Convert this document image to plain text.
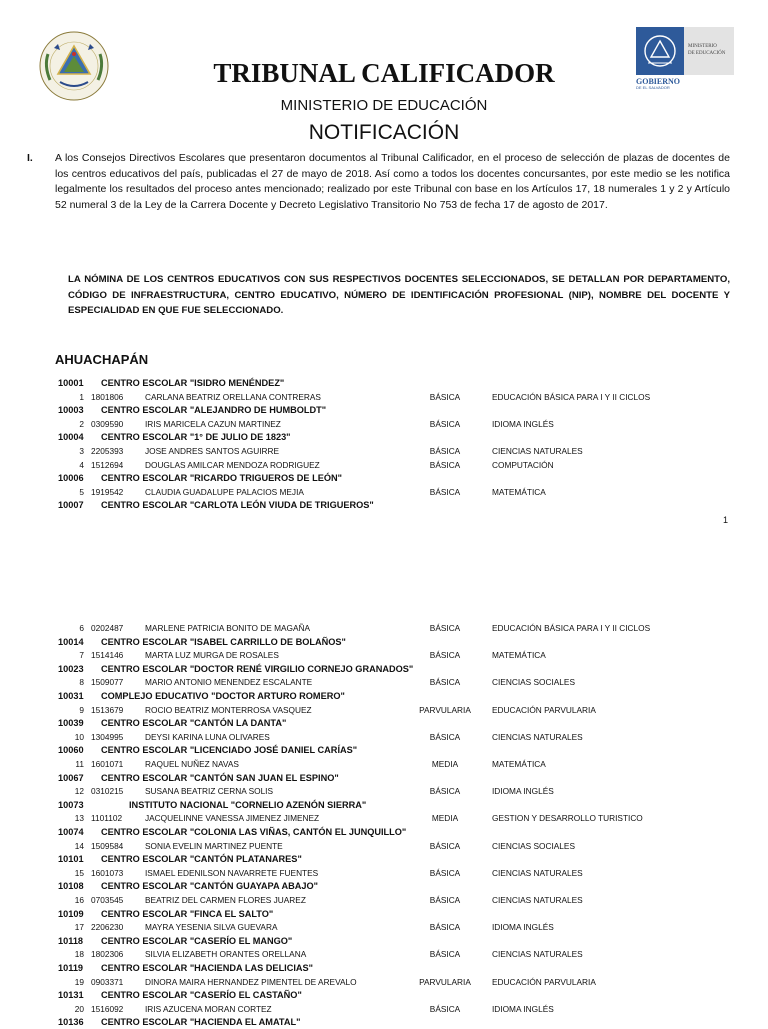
MINISTERIO
DE EDUCACIÓN
GOBIERNO
DE EL SALVADOR
TRIBUNAL CALIFICADOR
MINISTERIO DE EDUCACIÓN
NOTIFICACIÓN
I. A los Consejos Directivos Escolares que presentaron documentos al Tribunal Calificador, en el proceso de selección de plazas de docentes de los centros educativos del país, publicadas el 27 de mayo de 2018. Así como a todos los docentes concursantes, por este medio se les notifica legalmente los resultados del proceso antes mencionado; realizado por este Tribunal con base en los Artículos 17, 18 numerales 1 y 2 y Artículo 52 numeral 3 de la Ley de la Carrera Docente y Decreto Legislativo Transitorio No 753 de fecha 17 de agosto de 2017.
LA NÓMINA DE LOS CENTROS EDUCATIVOS CON SUS RESPECTIVOS DOCENTES SELECCIONADOS, SE DETALLAN POR DEPARTAMENTO, CÓDIGO DE INFRAESTRUCTURA, CENTRO EDUCATIVO, NÚMERO DE IDENTIFICACIÓN PROFESIONAL (NIP), NOMBRE DEL DOCENTE Y ESPECIALIDAD EN QUE FUE SELECCIONADO.
AHUACHAPÁN
10001 CENTRO ESCOLAR "ISIDRO MENÉNDEZ"
1 1801806	CARLANA BEATRIZ ORELLANA CONTRERAS	BÁSICA	EDUCACIÓN BÁSICA PARA I Y II CICLOS
10003 CENTRO ESCOLAR "ALEJANDRO DE HUMBOLDT"
2 0309590	IRIS MARICELA CAZUN MARTINEZ	BÁSICA	IDIOMA INGLÉS
10004 CENTRO ESCOLAR "1° DE JULIO DE 1823"
3 2205393	JOSE ANDRES SANTOS AGUIRRE	BÁSICA	CIENCIAS NATURALES
4 1512694	DOUGLAS AMILCAR MENDOZA RODRIGUEZ	BÁSICA	COMPUTACIÓN
10006 CENTRO ESCOLAR "RICARDO TRIGUEROS DE LEÓN"
5 1919542	CLAUDIA GUADALUPE PALACIOS MEJIA	BÁSICA	MATEMÁTICA
10007 CENTRO ESCOLAR "CARLOTA LEÓN VIUDA DE TRIGUEROS"
1
6 0202487	MARLENE PATRICIA BONITO DE MAGAÑA	BÁSICA	EDUCACIÓN BÁSICA PARA I Y II CICLOS
10014 CENTRO ESCOLAR "ISABEL CARRILLO DE BOLAÑOS"
7 1514146	MARTA LUZ MURGA DE ROSALES	BÁSICA	MATEMÁTICA
10023 CENTRO ESCOLAR "DOCTOR RENÉ VIRGILIO CORNEJO GRANADOS"
8 1509077	MARIO ANTONIO MENENDEZ ESCALANTE	BÁSICA	CIENCIAS SOCIALES
10031 COMPLEJO EDUCATIVO "DOCTOR ARTURO ROMERO"
9 1513679	ROCIO BEATRIZ MONTERROSA VASQUEZ	PARVULARIA	EDUCACIÓN PARVULARIA
10039 CENTRO ESCOLAR "CANTÓN LA DANTA"
10 1304995	DEYSI KARINA LUNA OLIVARES	BÁSICA	CIENCIAS NATURALES
10060 CENTRO ESCOLAR "LICENCIADO JOSÉ DANIEL CARÍAS"
11 1601071	RAQUEL NUÑEZ NAVAS	MEDIA	MATEMÁTICA
10067 CENTRO ESCOLAR "CANTÓN SAN JUAN EL ESPINO"
12 0310215	SUSANA BEATRIZ CERNA SOLIS	BÁSICA	IDIOMA INGLÉS
10073	INSTITUTO NACIONAL "CORNELIO AZENÓN SIERRA"
13 1101102	JACQUELINNE VANESSA JIMENEZ JIMENEZ	MEDIA	GESTION Y DESARROLLO TURISTICO
10074 CENTRO ESCOLAR "COLONIA LAS VIÑAS, CANTÓN EL JUNQUILLO"
14 1509584	SONIA EVELIN MARTINEZ PUENTE	BÁSICA	CIENCIAS SOCIALES
10101 CENTRO ESCOLAR "CANTÓN PLATANARES"
15 1601073	ISMAEL EDENILSON NAVARRETE FUENTES	BÁSICA	CIENCIAS NATURALES
10108 CENTRO ESCOLAR "CANTÓN GUAYAPA ABAJO"
16 0703545	BEATRIZ DEL CARMEN FLORES JUAREZ	BÁSICA	CIENCIAS NATURALES
10109 CENTRO ESCOLAR "FINCA EL SALTO"
17 2206230	MAYRA YESENIA SILVA GUEVARA	BÁSICA	IDIOMA INGLÉS
10118 CENTRO ESCOLAR "CASERÍO EL MANGO"
18 1802306	SILVIA ELIZABETH ORANTES ORELLANA	BÁSICA	CIENCIAS NATURALES
10119 CENTRO ESCOLAR "HACIENDA LAS DELICIAS"
19 0903371	DINORA MAIRA HERNANDEZ PIMENTEL DE AREVALO	PARVULARIA	EDUCACIÓN PARVULARIA
10131 CENTRO ESCOLAR "CASERÍO EL CASTAÑO"
20 1516092	IRIS AZUCENA MORAN CORTEZ	BÁSICA	IDIOMA INGLÉS
10136 CENTRO ESCOLAR "HACIENDA EL AMATAL"
